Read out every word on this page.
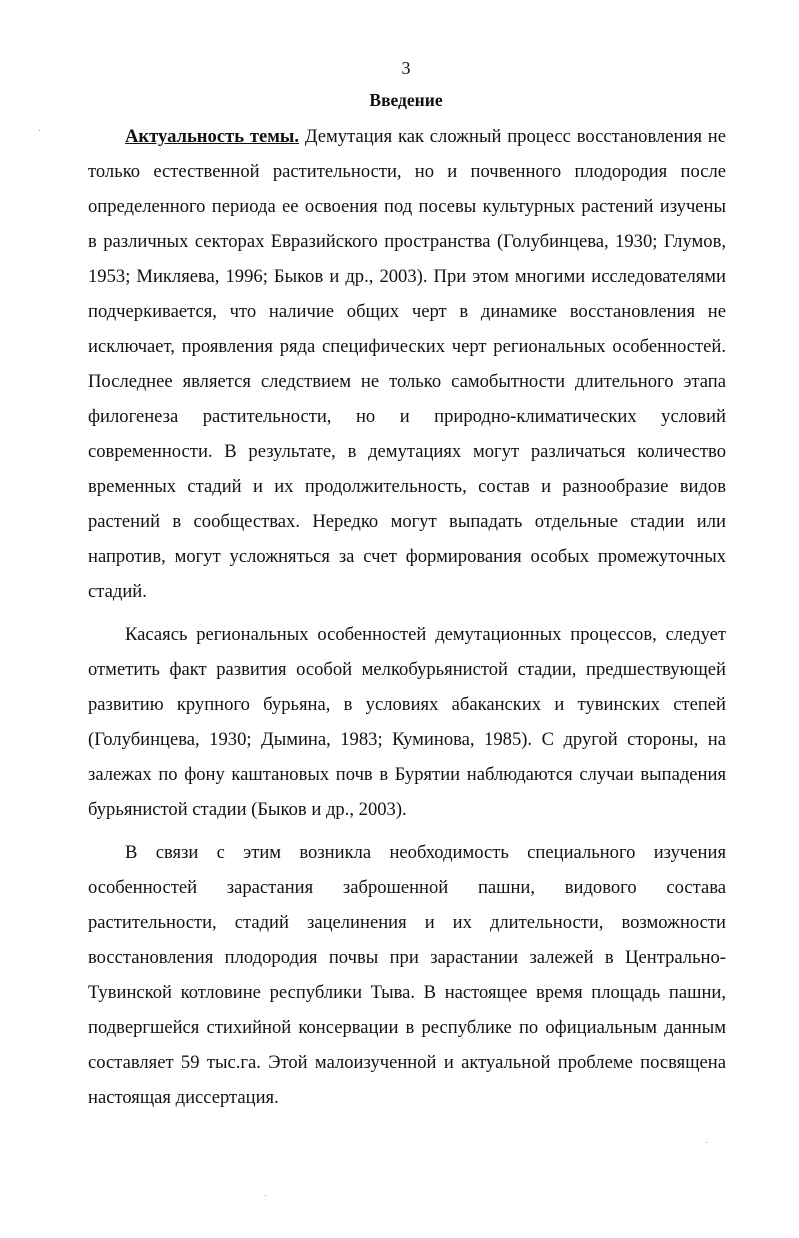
3
Введение

Актуальность темы. Демутация как сложный процесс восстановления не только естественной растительности, но и почвенного плодородия после определенного периода ее освоения под посевы культурных растений изучены в различных секторах Евразийского пространства (Голубинцева, 1930; Глумов, 1953; Микляева, 1996; Быков и др., 2003). При этом многими исследователями подчеркивается, что наличие общих черт в динамике восстановления не исключает, проявления ряда специфических черт региональных особенностей. Последнее является следствием не только самобытности длительного этапа филогенеза растительности, но и природно-климатических условий современности. В результате, в демутациях могут различаться количество временных стадий и их продолжительность, состав и разнообразие видов растений в сообществах. Нередко могут выпадать отдельные стадии или напротив, могут усложняться за счет формирования особых промежуточных стадий.

Касаясь региональных особенностей демутационных процессов, следует отметить факт развития особой мелкобурьянистой стадии, предшествующей развитию крупного бурьяна, в условиях абаканских и тувинских степей (Голубинцева, 1930; Дымина, 1983; Куминова, 1985). С другой стороны, на залежах по фону каштановых почв в Бурятии наблюдаются случаи выпадения бурьянистой стадии (Быков и др., 2003).

В связи с этим возникла необходимость специального изучения особенностей зарастания заброшенной пашни, видового состава растительности, стадий зацелинения и их длительности, возможности восстановления плодородия почвы при зарастании залежей в Центрально-Тувинской котловине республики Тыва. В настоящее время площадь пашни, подвергшейся стихийной консервации в республике по официальным данным составляет 59 тыс.га. Этой малоизученной и актуальной проблеме посвящена настоящая диссертация.
